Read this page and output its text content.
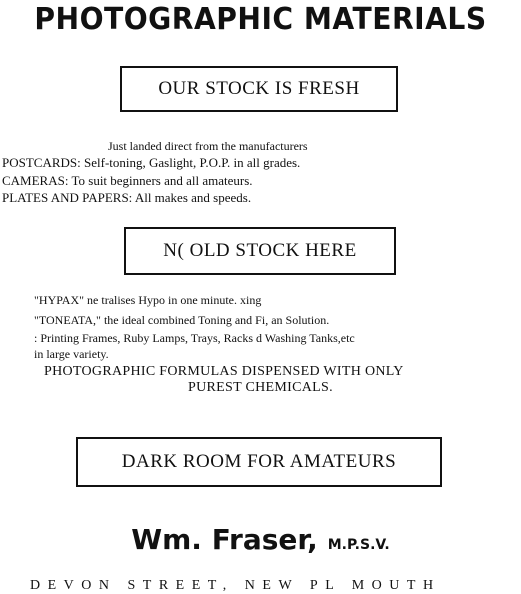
PHOTOGRAPHIC MATERIALS
OUR STOCK IS FRESH
Just landed direct from the manufacturers
POSTCARDS: Self-toning, Gaslight, P.O.P. in all grades.
CAMERAS: To suit beginners and all amateurs.
PLATES AND PAPERS: All makes and speeds.
N( OLD STOCK HERE
"HYPAX" ne tralises Hypo in one minute. xing
"TONEATA," the ideal combined Toning and Fi, an Solution.
: Printing Frames, Ruby Lamps, Trays, Racks d Washing Tanks,etc
in large variety.
PHOTOGRAPHIC FORMULAS DISPENSED WITH ONLY
PUREST CHEMICALS.
DARK ROOM FOR AMATEURS
Wm. Fraser, M.P.S.V.
DEVON STREET, NEW PL MOUTH
